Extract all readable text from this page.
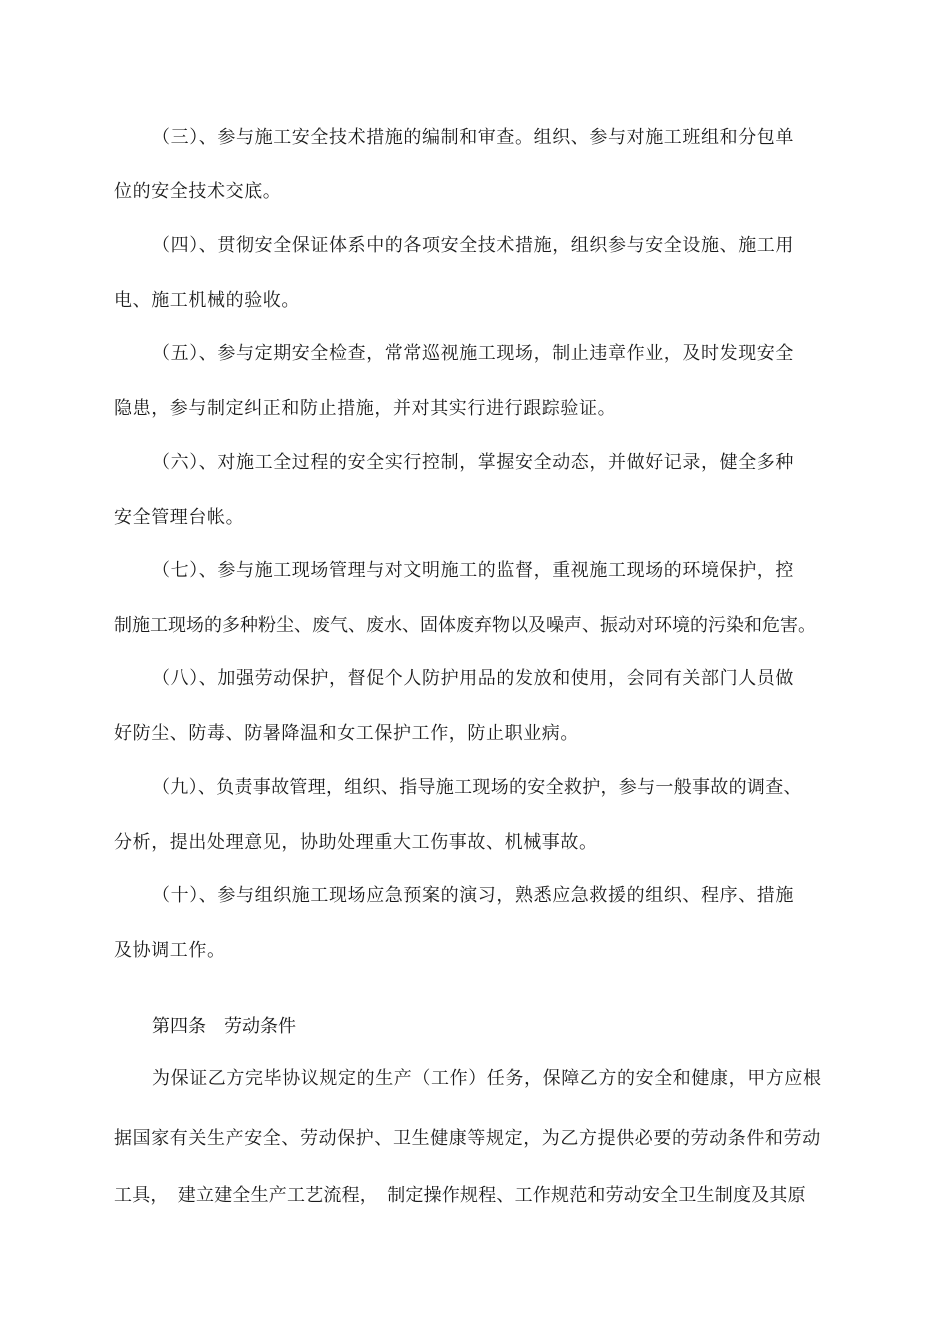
（三）、参与施工安全技术措施的编制和审查。组织、参与对施工班组和分包单
位的安全技术交底。
（四）、贯彻安全保证体系中的各项安全技术措施，组织参与安全设施、施工用
电、施工机械的验收。
（五）、参与定期安全检查，常常巡视施工现场，制止违章作业，及时发现安全
隐患，参与制定纠正和防止措施，并对其实行进行跟踪验证。
（六）、对施工全过程的安全实行控制，掌握安全动态，并做好记录，健全多种
安全管理台帐。
（七）、参与施工现场管理与对文明施工的监督，重视施工现场的环境保护，控
制施工现场的多种粉尘、废气、废水、固体废弃物以及噪声、振动对环境的污染和危害。
（八）、加强劳动保护，督促个人防护用品的发放和使用，会同有关部门人员做
好防尘、防毒、防暑降温和女工保护工作，防止职业病。
（九）、负责事故管理，组织、指导施工现场的安全救护，参与一般事故的调查、
分析，提出处理意见，协助处理重大工伤事故、机械事故。
（十）、参与组织施工现场应急预案的演习，熟悉应急救援的组织、程序、措施
及协调工作。
第四条　劳动条件
为保证乙方完毕协议规定的生产（工作）任务，保障乙方的安全和健康，甲方应根
据国家有关生产安全、劳动保护、卫生健康等规定，为乙方提供必要的劳动条件和劳动
工具，　建立建全生产工艺流程，　制定操作规程、工作规范和劳动安全卫生制度及其原
